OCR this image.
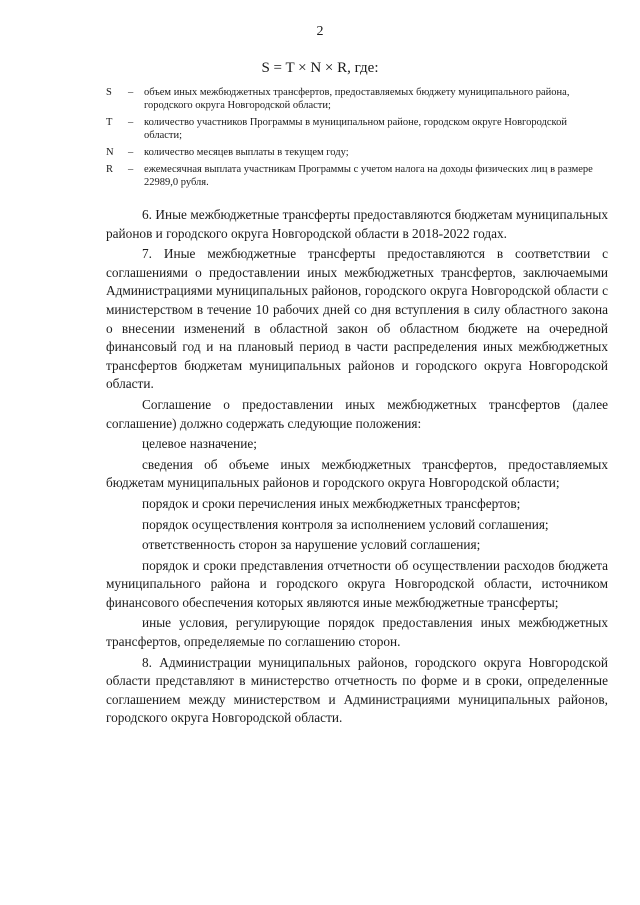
2
S = T × N × R, где:
S	–	объем иных межбюджетных трансфертов, предоставляемых бюджету муниципального района, городского округа Новгородской области;
T	–	количество участников Программы в муниципальном районе, городском округе Новгородской области;
N	–	количество месяцев выплаты в текущем году;
R	–	ежемесячная выплата участникам Программы с учетом налога на доходы физических лиц в размере 22989,0 рубля.

6. Иные межбюджетные трансферты предоставляются бюджетам муниципальных районов и городского округа Новгородской области в 2018-2022 годах.

7. Иные межбюджетные трансферты предоставляются в соответствии с соглашениями о предоставлении иных межбюджетных трансфертов, заключаемыми Администрациями муниципальных районов, городского округа Новгородской области с министерством в течение 10 рабочих дней со дня вступления в силу областного закона о внесении изменений в областной закон об областном бюджете на очередной финансовый год и на плановый период в части распределения иных межбюджетных трансфертов бюджетам муниципальных районов и городского округа Новгородской области.

Соглашение о предоставлении иных межбюджетных трансфертов (далее соглашение) должно содержать следующие положения:

целевое назначение;

сведения об объеме иных межбюджетных трансфертов, предоставляемых бюджетам муниципальных районов и городского округа Новгородской области;

порядок и сроки перечисления иных межбюджетных трансфертов;

порядок осуществления контроля за исполнением условий соглашения;

ответственность сторон за нарушение условий соглашения;

порядок и сроки представления отчетности об осуществлении расходов бюджета муниципального района и городского округа Новгородской области, источником финансового обеспечения которых являются иные межбюджетные трансферты;

иные условия, регулирующие порядок предоставления иных межбюджетных трансфертов, определяемые по соглашению сторон.

8. Администрации муниципальных районов, городского округа Новгородской области представляют в министерство отчетность по форме и в сроки, определенные соглашением между министерством и Администрациями муниципальных районов, городского округа Новгородской области.
